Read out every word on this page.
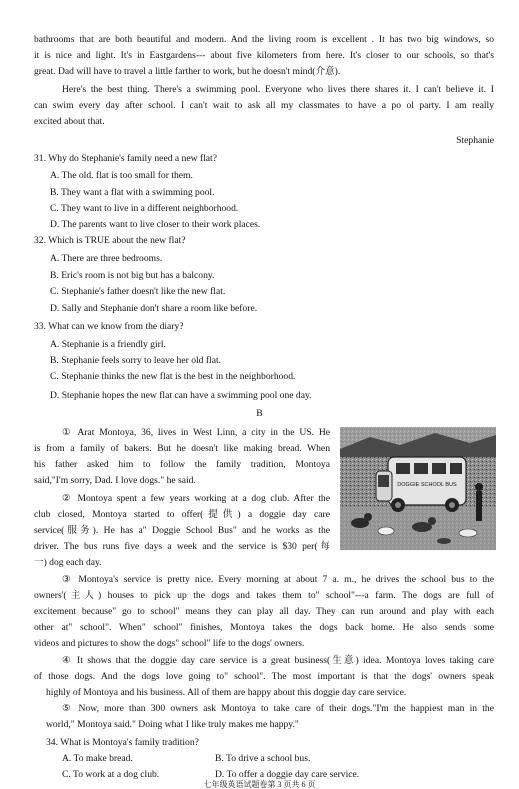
bathrooms that are both beautiful and modern. And the living room is excellent . It has two big windows, so
it is nice and light. It's in Eastgardens--- about five kilometers from here. It's closer to our schools, so that's
great. Dad will have to travel a little farther to work, but he doesn't mind(介意).
Here's the best thing. There's a swimming pool. Everyone who lives there shares it. I can't believe it. I
can swim every day after school. I can't wait to ask all my classmates to have a po ol party. I am really
excited about that.
Stephanie
31. Why do Stephanie's family need a new flat?
A. The old. flat is too small for them.
B. They want a flat with a swimming pool.
C. They want to live in a different neighborhood.
D. The parents want to live closer to their work places.
32. Which is TRUE about the new flat?
A. There are three bedrooms.
B. Eric's room is not big but has a balcony.
C. Stephanie's father doesn't like the new flat.
D. Sally and Stephanie don't share a room like before.
33. What can we know from the diary?
A. Stephanie is a friendly girl.
B. Stephanie feels sorry to leave her old flat.
C. Stephanie thinks the new flat is the best in the neighborhood.
D. Stephanie hopes the new flat can have a swimming pool one day.
B
DOGGIE SCHOOL BUS
① Arat Montoya, 36, lives in West Linn, a city in the US. He
is from a family of bakers. But he doesn't like making bread. When
his father asked him to follow the family tradition, Montoya
said,"I'm sorry, Dad. I love dogs." he said.
② Montoya spent a few years working at a dog club. After the
club closed, Montoya started to offer(提供) a doggie day care
service(服务). He has a" Doggie School Bus" and he works as the
driver. The bus runs five days a week and the service is $30 per(每
一) dog each day.
③ Montoya's service is pretty nice. Every morning at about 7 a. m., he drives the school bus to the
owners'(主人) houses to pick up the dogs and takes them to" school"---a farm. The dogs are full of
excitement because" go to school" means they can play all day. They can run around and play with each
other at" school". When" school" finishes, Montoya takes the dogs back home. He also sends some
videos and pictures to show the dogs" school" life to the dogs' owners.
④ It shows that the doggie day care service is a great business(生意) idea. Montoya loves taking care
of those dogs. And the dogs love going to" school". The most important is that the dogs' owners speak
highly of Montoya and his business. All of them are happy about this doggie day care service.
⑤ Now, more than 300 owners ask Montoya to take care of their dogs."I'm the happiest man in the
world," Montoya said." Doing what I like truly makes me happy."
34. What is Montoya's family tradition?
A. To make bread.	B. To drive a school bus.
C. To work at a dog club.	D. To offer a doggie day care service.
七年级英语试题卷第 3 页共 6 页
